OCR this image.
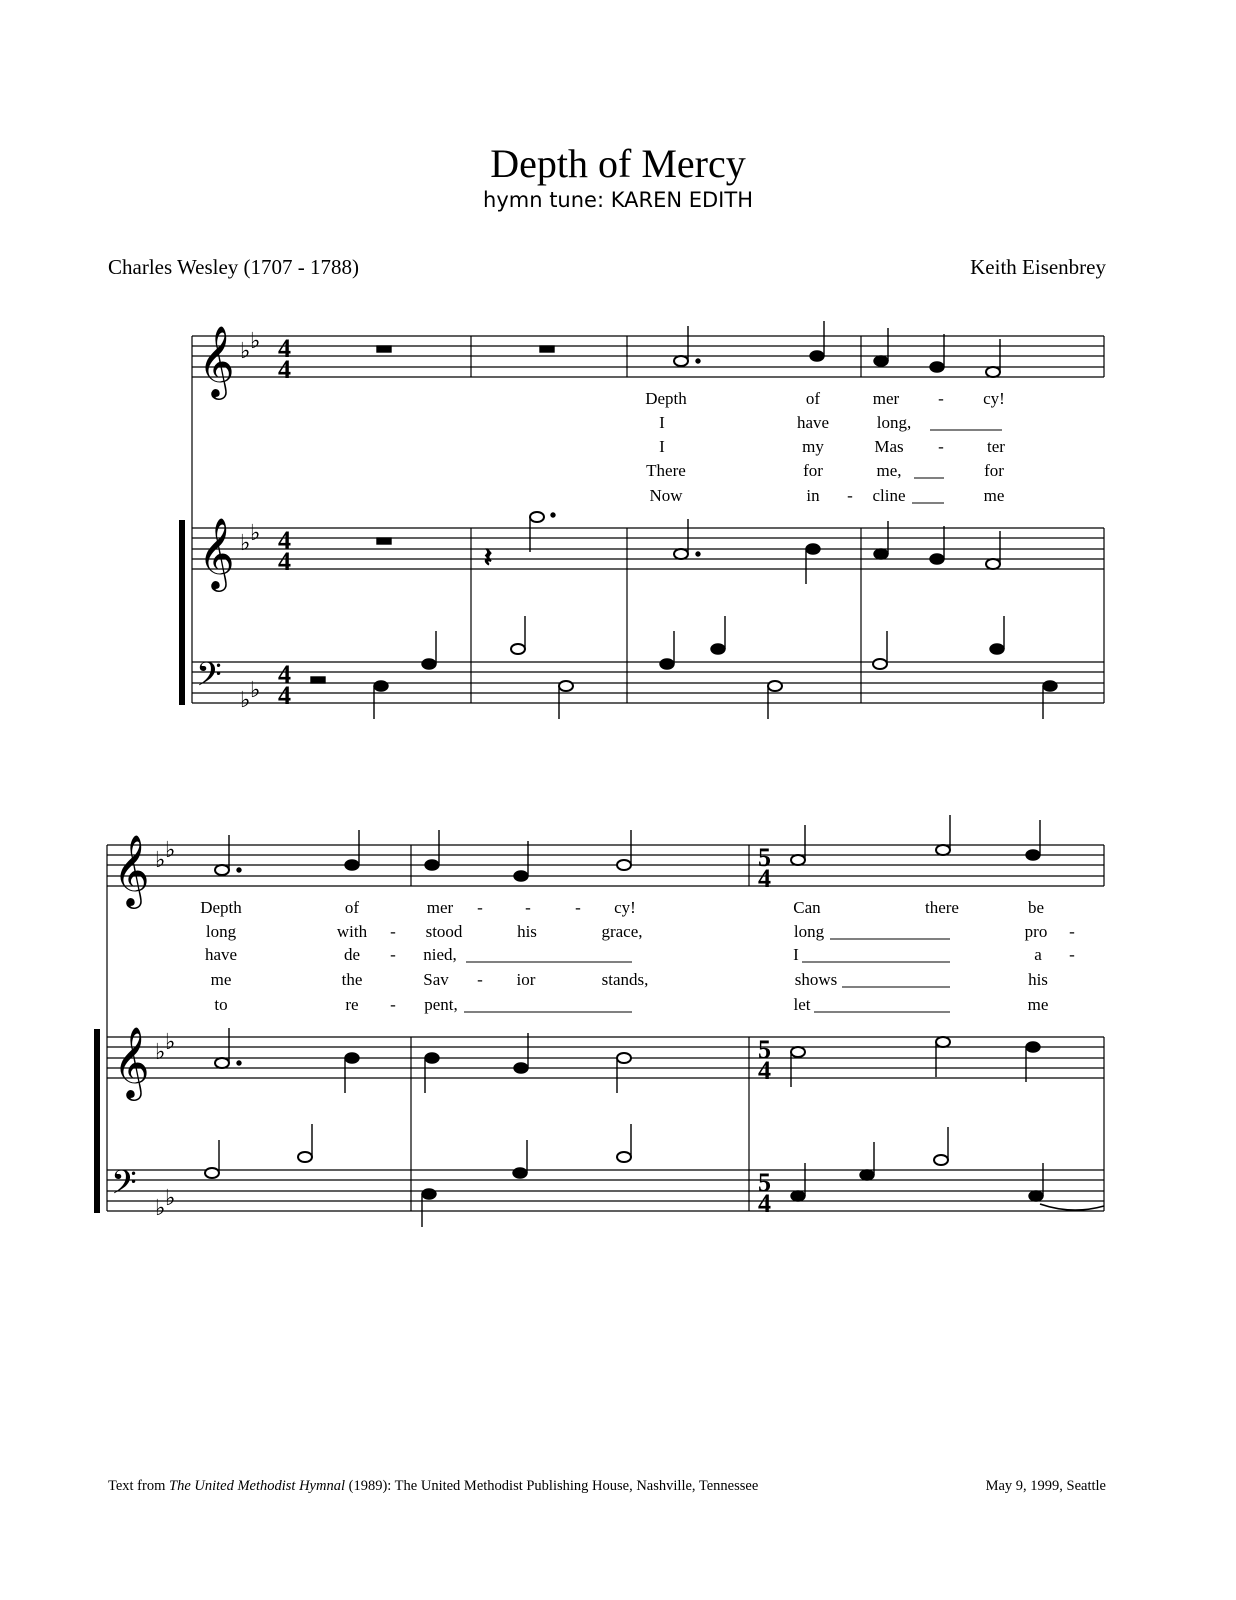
Depth of Mercy
hymn tune: KAREN EDITH
Charles Wesley (1707 - 1788)	Keith Eisenbrey
𝄞
𝄞
𝄢
♭ ♭
♭ ♭
♭ ♭
4
4
4
4
4
4
𝄽
Depth	of	mer - cy!
I	have	long,
I	my	Mas -	ter
There	for	me,	for
Now	in - cline	me
𝄞
𝄞
𝄢
♭ ♭
♭ ♭
♭ ♭
5
4
5
4
5
4
Depth	of	mer - -	- cy!	Can	there	be
long	with - stood	his	grace,	long	pro -
have	de - nied,	I	a -
me	the	Sav - ior	stands,	shows	his
to	re - pent,	let	me
Text from The United Methodist Hymnal (1989): The United Methodist Publishing House, Nashville, Tennessee	May 9, 1999, Seattle
